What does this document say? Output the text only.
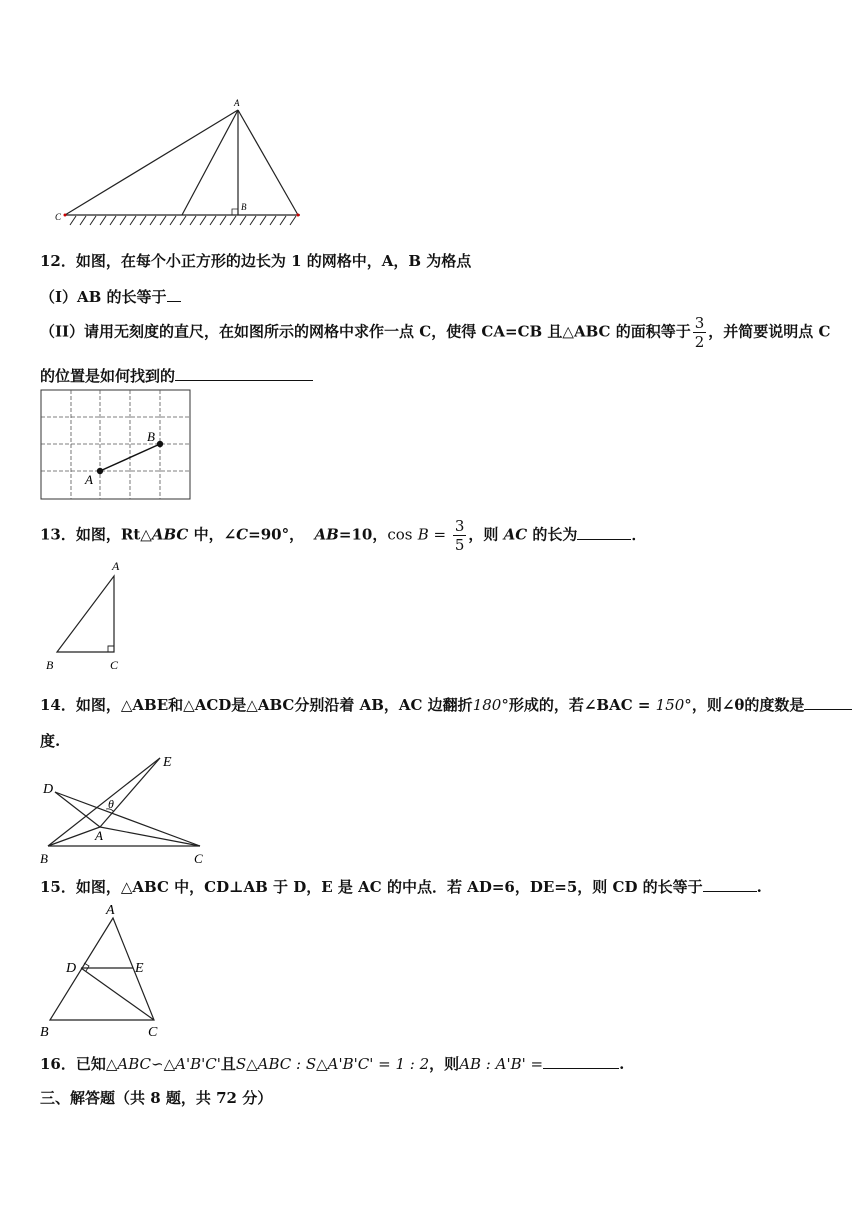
A
B
C
12．如图，在每个小正方形的边长为 1 的网格中，A，B 为格点
（I）AB 的长等于
（II）请用无刻度的直尺，在如图所示的网格中求作一点 C，使得 CA=CB 且△ABC 的面积等于 $\frac{3}{2}$ ，并简要说明点 C
的位置是如何找到的
A
B
13．如图，Rt△ABC 中，∠C=90°， AB=10，$\cos B = \frac{3}{5}$ ，则 AC 的长为	．
A
B	C
14．如图，△ABE和△ACD是△ABC分别沿着 AB，AC 边翻折180°形成的，若∠BAC = 150°，则∠θ的度数是
度.
D
E
A
B	C
θ
15．如图，△ABC 中，CD⊥AB 于 D，E 是 AC 的中点．若 AD=6，DE=5，则 CD 的长等于	.
A
B	C
D	E
16．已知△ABC∽△A'B'C'且S△ABC : S△A'B'C' = 1 : 2，则AB : A'B' =	.
三、解答题（共 8 题，共 72 分）
